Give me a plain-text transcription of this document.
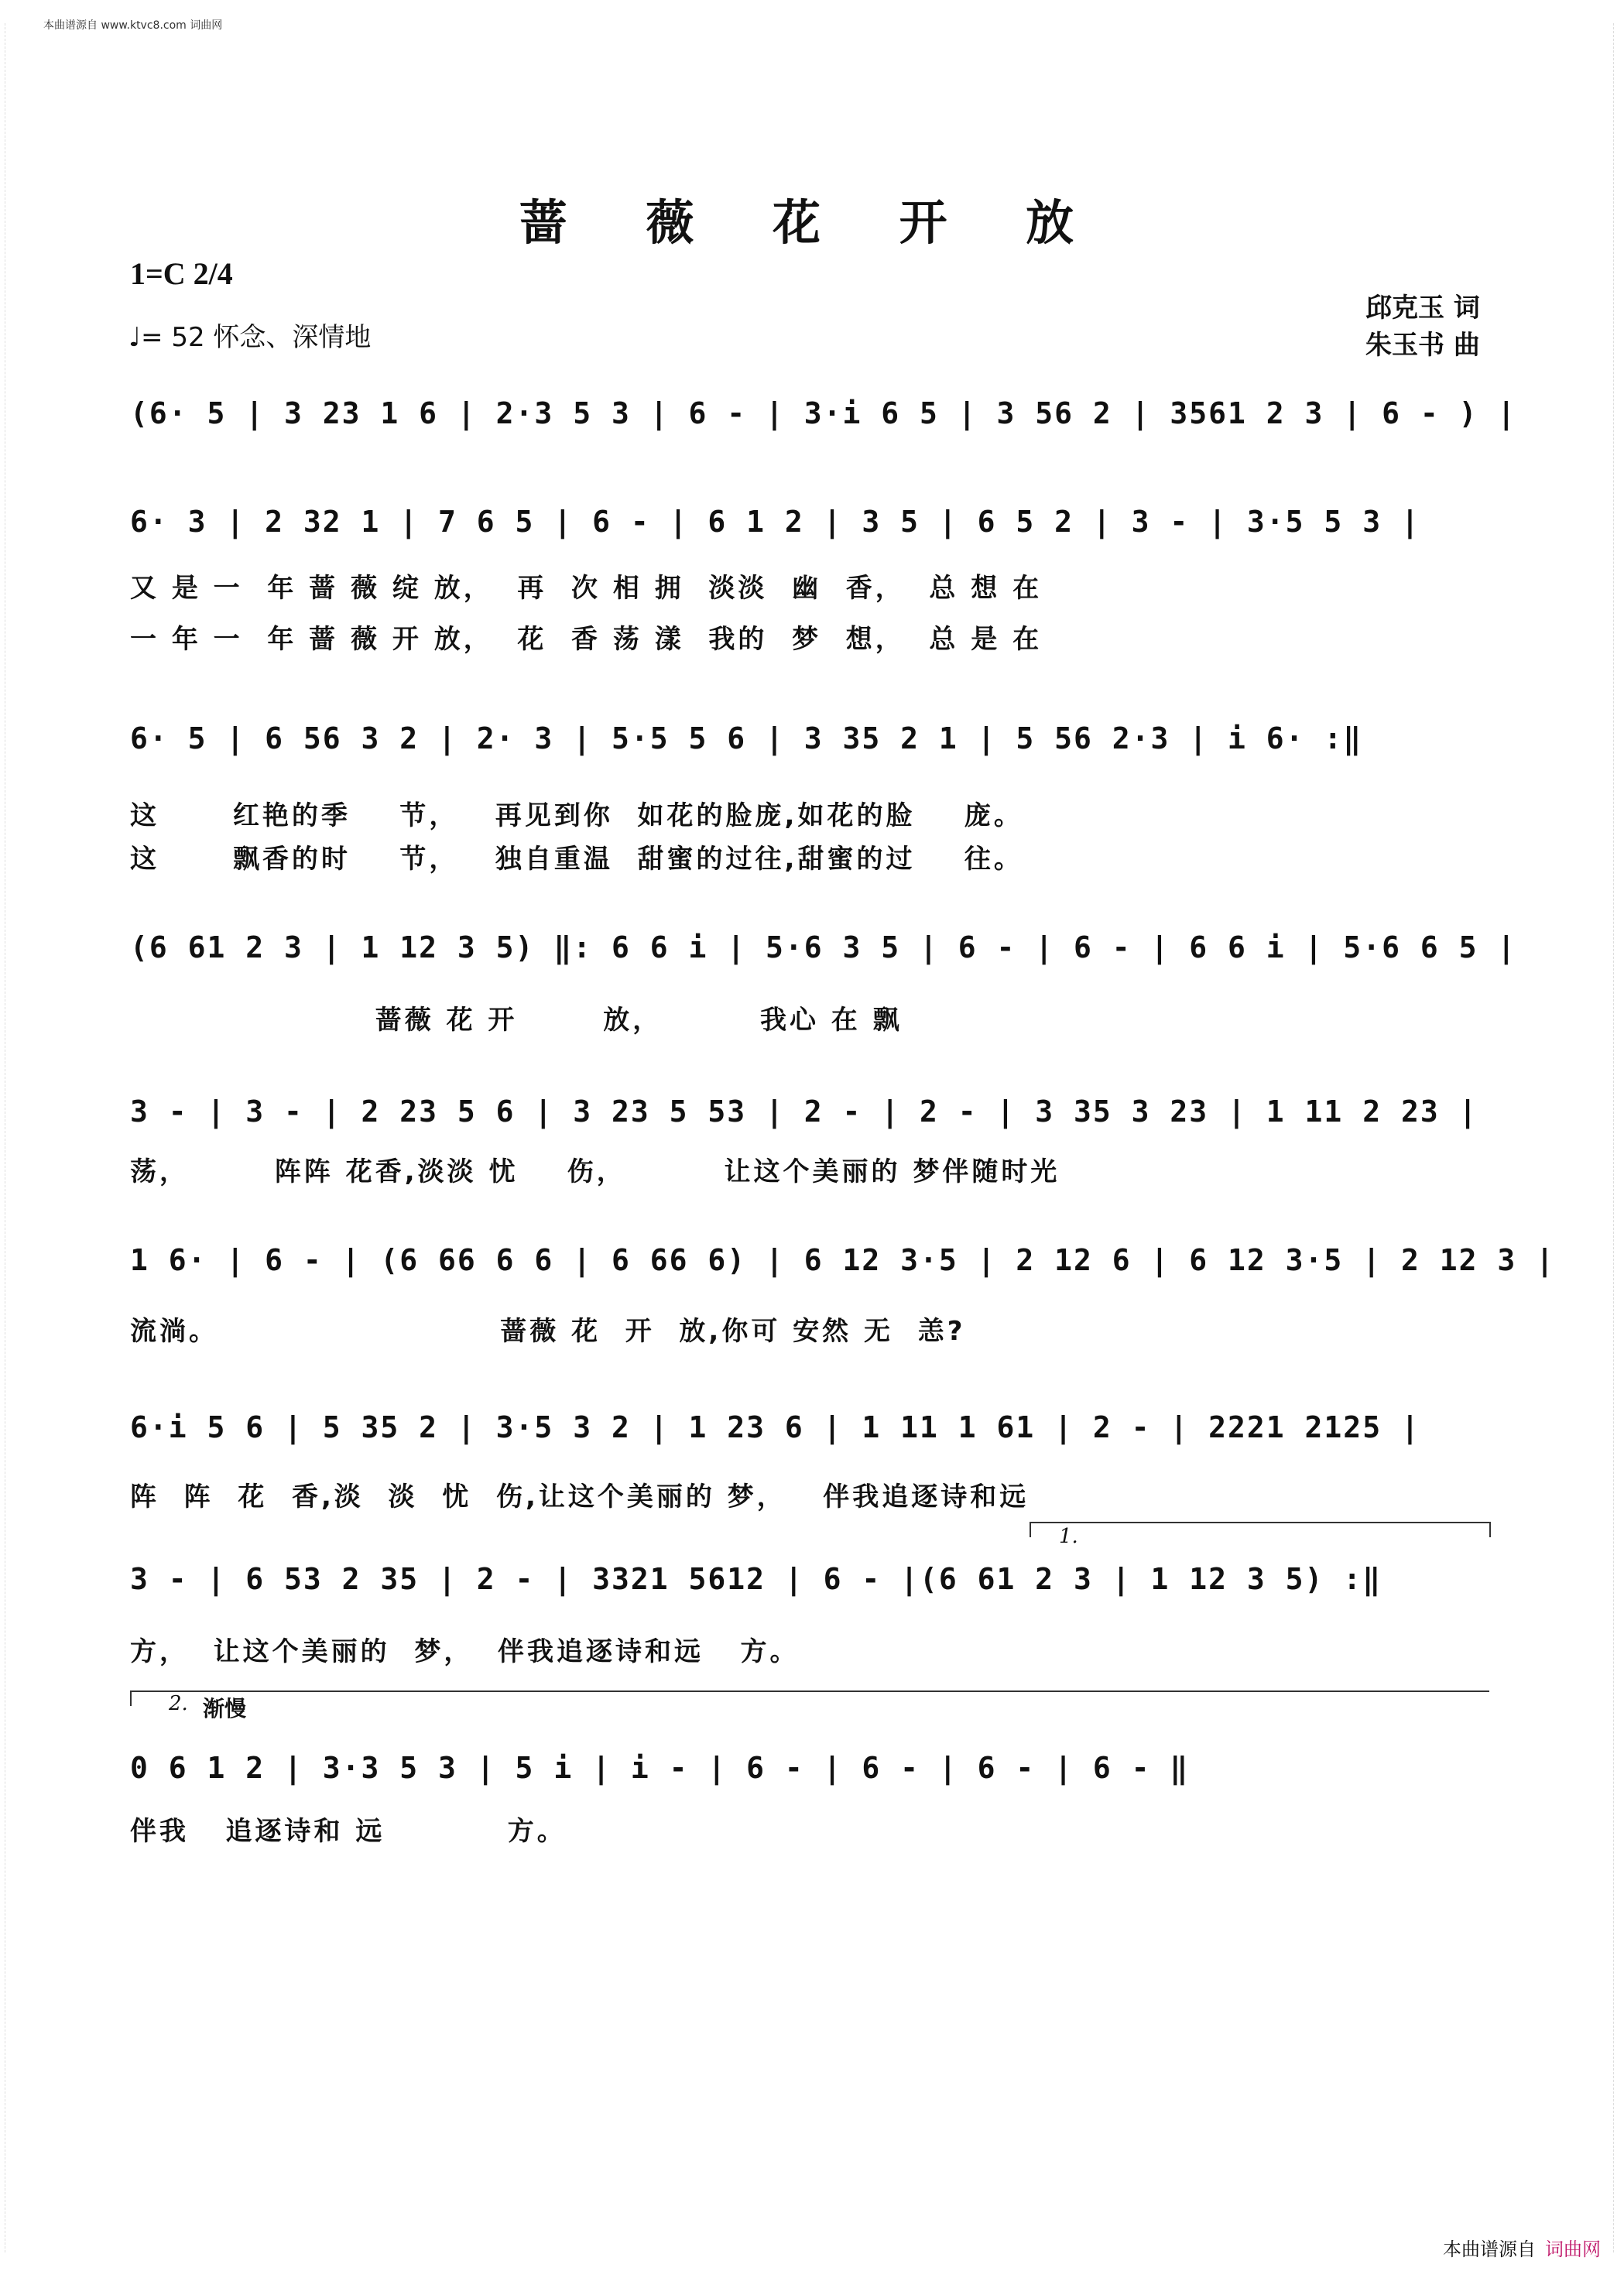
本曲谱源自 www.ktvc8.com 词曲网
蔷 薇 花 开 放
1=C 2/4
♩= 52 怀念、深情地
邱克玉 词
朱玉书 曲
(6· 5 | 3 23 1 6 | 2·3 5 3 | 6 - | 3·i 6 5 | 3 56 2 | 3561 2 3 | 6 - ) |
6· 3 | 2 32 1 | 7 6 5 | 6 - | 6 1 2 | 3 5 | 6 5 2 | 3 - | 3·5 5 3 |
又 是 一  年 蔷 薇 绽 放，  再  次 相 拥  淡淡  幽  香，  总 想 在
一 年 一  年 蔷 薇 开 放，  花  香 荡 漾  我的  梦  想，  总 是 在
6· 5 | 6 56 3 2 | 2· 3 | 5·5 5 6 | 3 35 2 1 | 5 56 2·3 | i 6· :‖
这      红艳的季    节，   再见到你  如花的脸庞,如花的脸    庞。
这      飘香的时    节，   独自重温  甜蜜的过往,甜蜜的过    往。
(6 61 2 3 | 1 12 3 5) ‖: 6 6 i | 5·6 3 5 | 6 - | 6 - | 6 6 i | 5·6 6 5 |
蔷薇 花 开       放，        我心 在 飘
3 - | 3 - | 2 23 5 6 | 3 23 5 53 | 2 - | 2 - | 3 35 3 23 | 1 11 2 23 |
荡，       阵阵 花香,淡淡 忧    伤，        让这个美丽的 梦伴随时光
1 6· | 6 - | (6 66 6 6 | 6 66 6) | 6 12 3·5 | 2 12 6 | 6 12 3·5 | 2 12 3 |
流淌。                       蔷薇 花  开  放,你可 安然 无  恙?
6·i 5 6 | 5 35 2 | 3·5 3 2 | 1 23 6 | 1 11 1 61 | 2 - | 2221 2125 |
阵  阵  花  香,淡  淡  忧  伤,让这个美丽的 梦，   伴我追逐诗和远
1.
3 - | 6 53 2 35 | 2 - | 3321 5612 | 6 - |(6 61 2 3 | 1 12 3 5) :‖
方，  让这个美丽的  梦，  伴我追逐诗和远   方。
2. 渐慢
0 6 1 2 | 3·3 5 3 | 5 i | i - | 6 - | 6 - | 6 - | 6 - ‖
伴我   追逐诗和 远          方。
本曲谱源自 词曲网
